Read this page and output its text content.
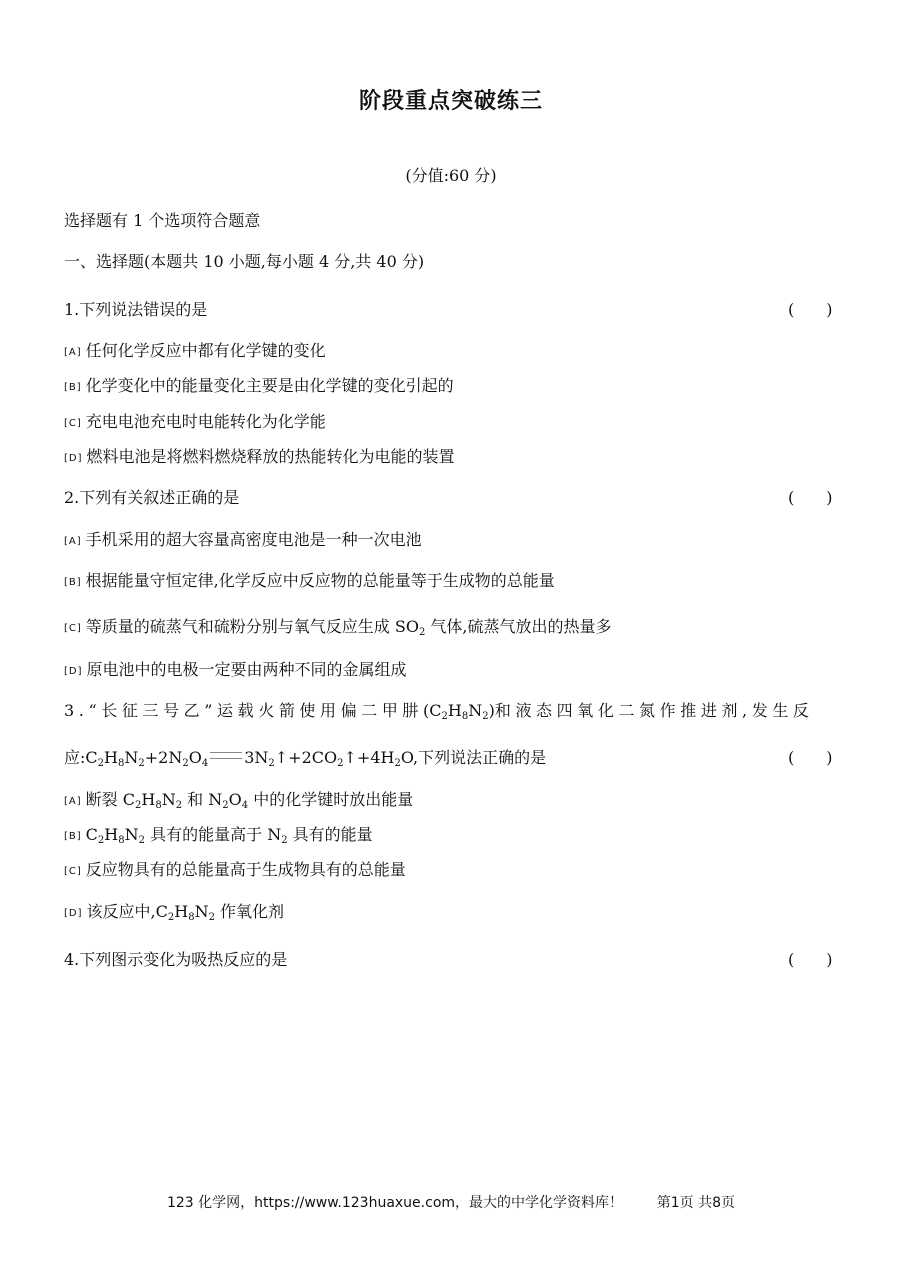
阶段重点突破练三
(分值:60 分)
选择题有 1 个选项符合题意
一、选择题(本题共 10 小题,每小题 4 分,共 40 分)
1.下列说法错误的是	(　　)
[A] 任何化学反应中都有化学键的变化
[B] 化学变化中的能量变化主要是由化学键的变化引起的
[C] 充电电池充电时电能转化为化学能
[D] 燃料电池是将燃料燃烧释放的热能转化为电能的装置
2.下列有关叙述正确的是	(　　)
[A] 手机采用的超大容量高密度电池是一种一次电池
[B] 根据能量守恒定律,化学反应中反应物的总能量等于生成物的总能量
[C] 等质量的硫蒸气和硫粉分别与氧气反应生成 $SO_2$ 气体,硫蒸气放出的热量多
[D] 原电池中的电极一定要由两种不同的金属组成
3.“长征三号乙”运载火箭使用偏二甲肼$(C_2H_8N_2)$和液态四氧化二氮作推进剂,发生反
应$:C_2H_8N_2+2N_2O_4$ $3N_2↑+2CO_2↑+4H_2O$,下列说法正确的是	(　　)
[A] 断裂 $C_2H_8N_2$ 和 $N_2O_4$ 中的化学键时放出能量
[B] $C_2H_8N_2$ 具有的能量高于 $N_2$ 具有的能量
[C] 反应物具有的总能量高于生成物具有的总能量
[D] 该反应中$,C_2H_8N_2$ 作氧化剂
4.下列图示变化为吸热反应的是	(　　)
123 化学网，https://www.123huaxue.com，最大的中学化学资料库！ 第1页 共8页
